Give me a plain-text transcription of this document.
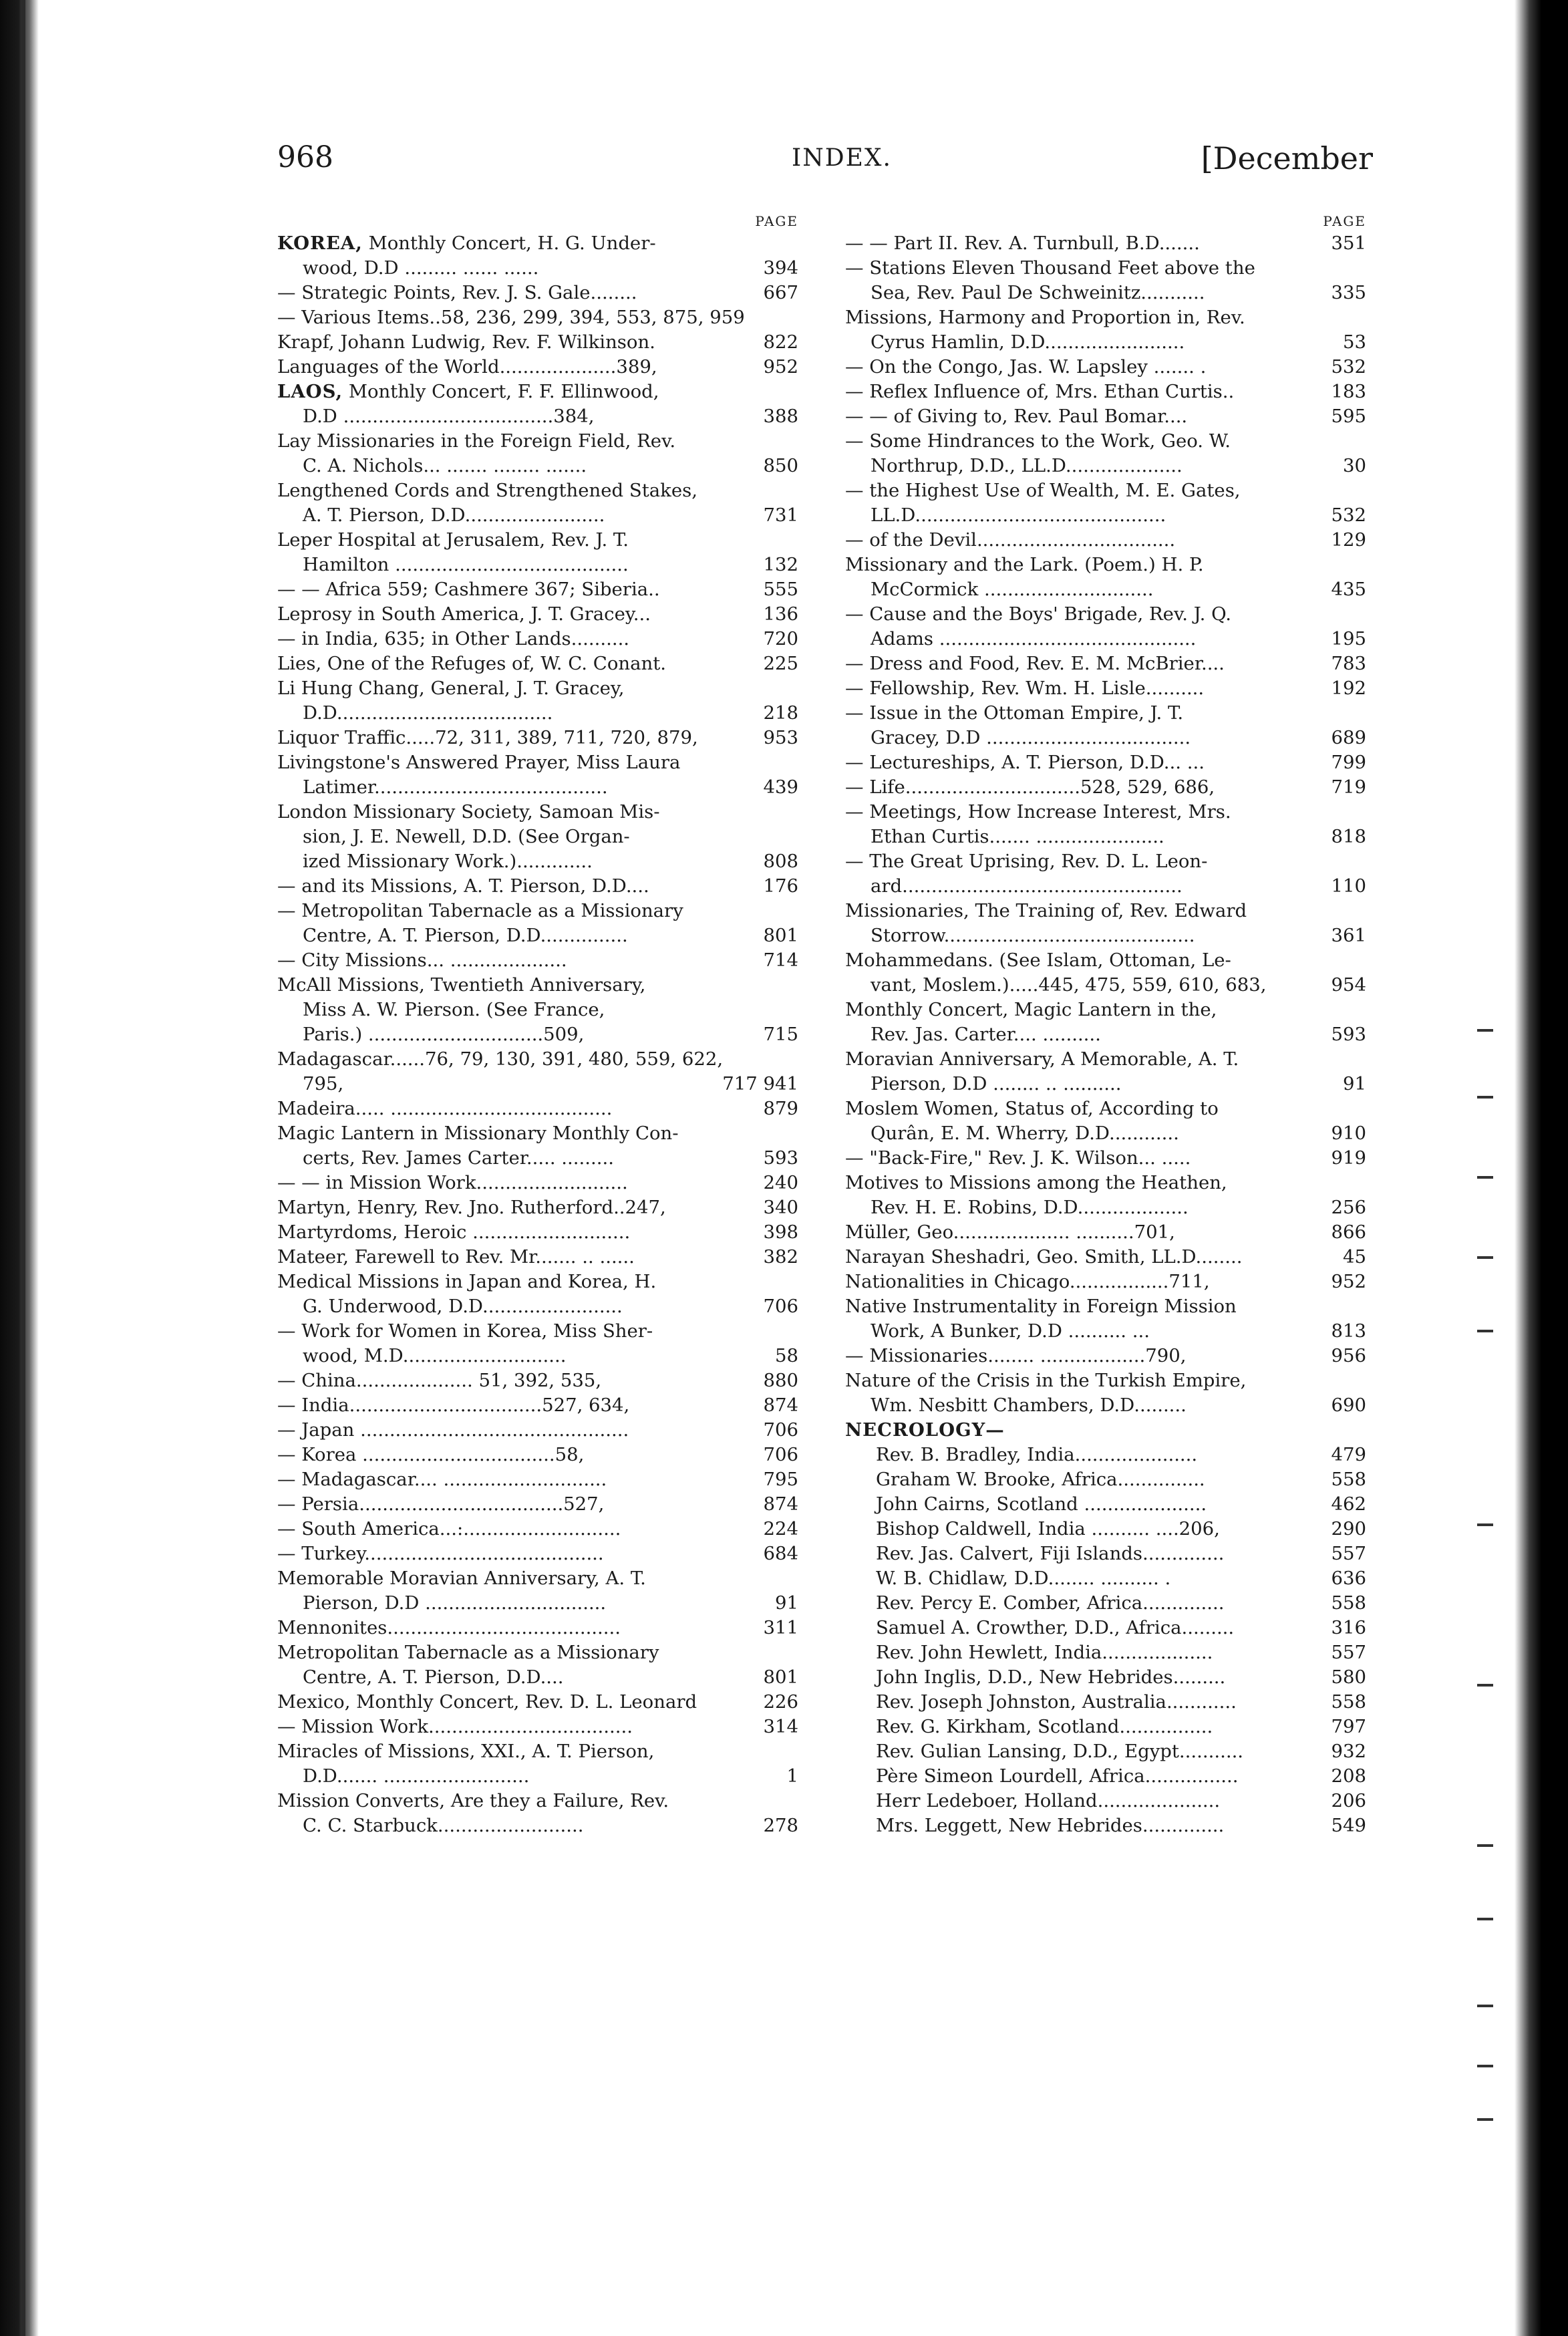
968	INDEX.	[December
PAGE
KOREA, Monthly Concert, H. G. Under-
wood, D.D ......... ...... ......	394
— Strategic Points, Rev. J. S. Gale........	667
— Various Items..58, 236, 299, 394, 553, 875, 959
Krapf, Johann Ludwig, Rev. F. Wilkinson.	822
Languages of the World....................389,	952
LAOS, Monthly Concert, F. F. Ellinwood,
D.D ....................................384,	388
Lay Missionaries in the Foreign Field, Rev.
C. A. Nichols... ....... ........ .......	850
Lengthened Cords and Strengthened Stakes,
A. T. Pierson, D.D........................	731
Leper Hospital at Jerusalem, Rev. J. T.
Hamilton ........................................	132
— — Africa 559; Cashmere 367; Siberia..	555
Leprosy in South America, J. T. Gracey...	136
— in India, 635; in Other Lands..........	720
Lies, One of the Refuges of, W. C. Conant.	225
Li Hung Chang, General, J. T. Gracey,
D.D.....................................	218
Liquor Traffic.....72, 311, 389, 711, 720, 879,	953
Livingstone's Answered Prayer, Miss Laura
Latimer........................................	439
London Missionary Society, Samoan Mis-
sion, J. E. Newell, D.D. (See Organ-
ized Missionary Work.).............	808
— and its Missions, A. T. Pierson, D.D....	176
— Metropolitan Tabernacle as a Missionary
Centre, A. T. Pierson, D.D...............	801
— City Missions... ....................	714
McAll Missions, Twentieth Anniversary,
Miss A. W. Pierson. (See France,
Paris.) ..............................509,	715
Madagascar......76, 79, 130, 391, 480, 559, 622,
795,	717 941
Madeira..... ......................................	879
Magic Lantern in Missionary Monthly Con-
certs, Rev. James Carter..... .........	593
— — in Mission Work..........................	240
Martyn, Henry, Rev. Jno. Rutherford..247,	340
Martyrdoms, Heroic ...........................	398
Mateer, Farewell to Rev. Mr....... .. ......	382
Medical Missions in Japan and Korea, H.
G. Underwood, D.D........................	706
— Work for Women in Korea, Miss Sher-
wood, M.D............................	58
— China.................... 51, 392, 535,	880
— India.................................527, 634,	874
— Japan ..............................................	706
— Korea .................................58,	706
— Madagascar.... ............................	795
— Persia...................................527,	874
— South America...:...........................	224
— Turkey.........................................	684
Memorable Moravian Anniversary, A. T.
Pierson, D.D ...............................	91
Mennonites........................................	311
Metropolitan Tabernacle as a Missionary
Centre, A. T. Pierson, D.D....	801
Mexico, Monthly Concert, Rev. D. L. Leonard	226
— Mission Work...................................	314
Miracles of Missions, XXI., A. T. Pierson,
D.D....... .........................	1
Mission Converts, Are they a Failure, Rev.
C. C. Starbuck.........................	278
PAGE
— — Part II. Rev. A. Turnbull, B.D.......	351
— Stations Eleven Thousand Feet above the
Sea, Rev. Paul De Schweinitz...........	335
Missions, Harmony and Proportion in, Rev.
Cyrus Hamlin, D.D........................	53
— On the Congo, Jas. W. Lapsley ....... .	532
— Reflex Influence of, Mrs. Ethan Curtis..	183
— — of Giving to, Rev. Paul Bomar....	595
— Some Hindrances to the Work, Geo. W.
Northrup, D.D., LL.D....................	30
— the Highest Use of Wealth, M. E. Gates,
LL.D...........................................	532
— of the Devil..................................	129
Missionary and the Lark. (Poem.) H. P.
McCormick .............................	435
— Cause and the Boys' Brigade, Rev. J. Q.
Adams ............................................	195
— Dress and Food, Rev. E. M. McBrier....	783
— Fellowship, Rev. Wm. H. Lisle..........	192
— Issue in the Ottoman Empire, J. T.
Gracey, D.D ...................................	689
— Lectureships, A. T. Pierson, D.D... ...	799
— Life..............................528, 529, 686,	719
— Meetings, How Increase Interest, Mrs.
Ethan Curtis....... ......................	818
— The Great Uprising, Rev. D. L. Leon-
ard................................................	110
Missionaries, The Training of, Rev. Edward
Storrow...........................................	361
Mohammedans. (See Islam, Ottoman, Le-
vant, Moslem.).....445, 475, 559, 610, 683,	954
Monthly Concert, Magic Lantern in the,
Rev. Jas. Carter.... ..........	593
Moravian Anniversary, A Memorable, A. T.
Pierson, D.D ........ .. ..........	91
Moslem Women, Status of, According to
Qurân, E. M. Wherry, D.D............	910
— "Back-Fire," Rev. J. K. Wilson... .....	919
Motives to Missions among the Heathen,
Rev. H. E. Robins, D.D...................	256
Müller, Geo.................... ..........701,	866
Narayan Sheshadri, Geo. Smith, LL.D........	45
Nationalities in Chicago.................711,	952
Native Instrumentality in Foreign Mission
Work, A Bunker, D.D .......... ...	813
— Missionaries........ ..................790,	956
Nature of the Crisis in the Turkish Empire,
Wm. Nesbitt Chambers, D.D.........	690
NECROLOGY—
Rev. B. Bradley, India.....................	479
Graham W. Brooke, Africa...............	558
John Cairns, Scotland .....................	462
Bishop Caldwell, India .......... ....206,	290
Rev. Jas. Calvert, Fiji Islands..............	557
W. B. Chidlaw, D.D........ .......... .	636
Rev. Percy E. Comber, Africa..............	558
Samuel A. Crowther, D.D., Africa.........	316
Rev. John Hewlett, India...................	557
John Inglis, D.D., New Hebrides.........	580
Rev. Joseph Johnston, Australia............	558
Rev. G. Kirkham, Scotland................	797
Rev. Gulian Lansing, D.D., Egypt...........	932
Père Simeon Lourdell, Africa................	208
Herr Ledeboer, Holland.....................	206
Mrs. Leggett, New Hebrides..............	549
